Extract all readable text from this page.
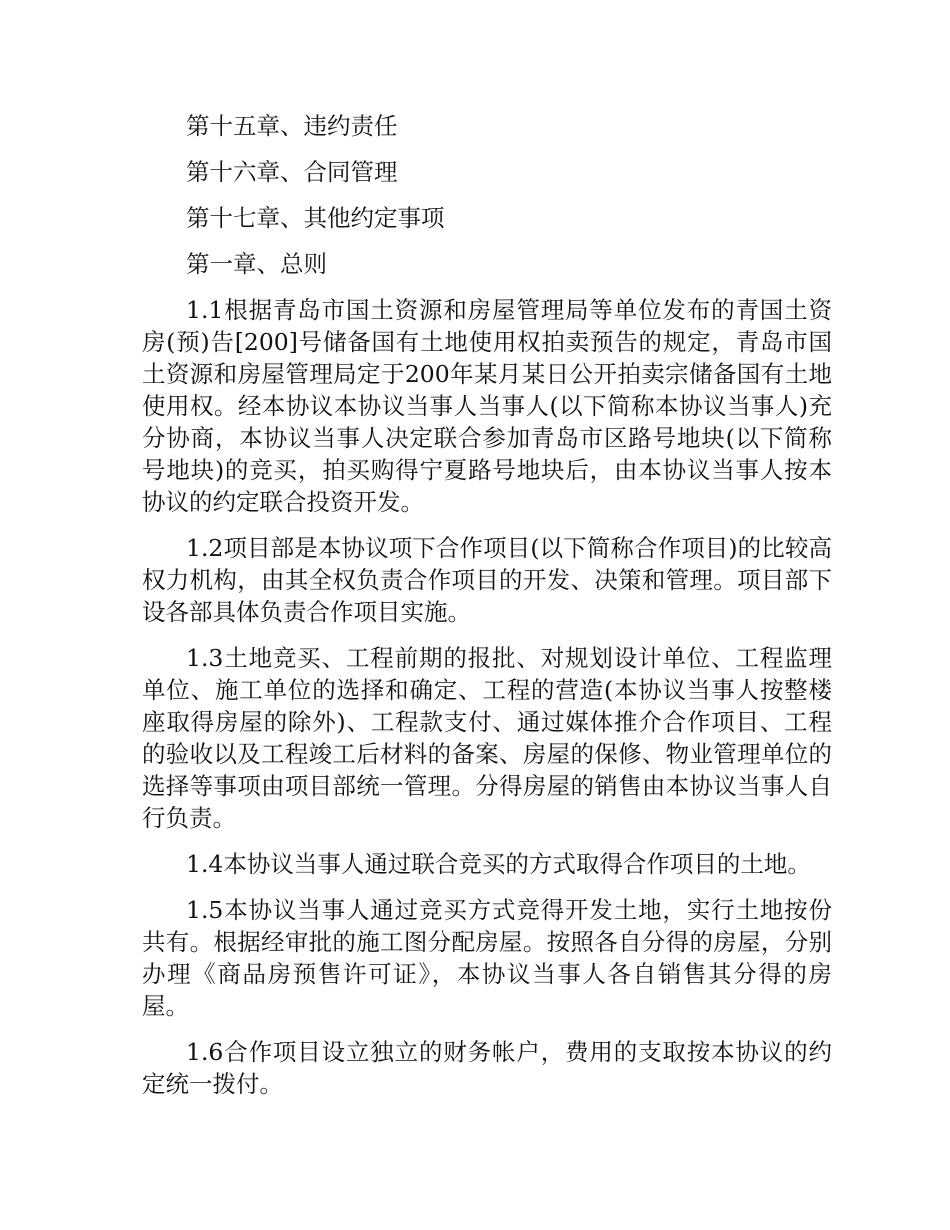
第十五章、违约责任

第十六章、合同管理

第十七章、其他约定事项

第一章、总则

1.1根据青岛市国土资源和房屋管理局等单位发布的青国土资房(预)告[200]号储备国有土地使用权拍卖预告的规定，青岛市国土资源和房屋管理局定于200年某月某日公开拍卖宗储备国有土地使用权。经本协议本协议当事人当事人(以下简称本协议当事人)充分协商，本协议当事人决定联合参加青岛市区路号地块(以下简称号地块)的竞买，拍买购得宁夏路号地块后，由本协议当事人按本协议的约定联合投资开发。

1.2项目部是本协议项下合作项目(以下简称合作项目)的比较高权力机构，由其全权负责合作项目的开发、决策和管理。项目部下设各部具体负责合作项目实施。

1.3土地竞买、工程前期的报批、对规划设计单位、工程监理单位、施工单位的选择和确定、工程的营造(本协议当事人按整楼座取得房屋的除外)、工程款支付、通过媒体推介合作项目、工程的验收以及工程竣工后材料的备案、房屋的保修、物业管理单位的选择等事项由项目部统一管理。分得房屋的销售由本协议当事人自行负责。

1.4本协议当事人通过联合竞买的方式取得合作项目的土地。

1.5本协议当事人通过竞买方式竞得开发土地，实行土地按份共有。根据经审批的施工图分配房屋。按照各自分得的房屋，分别办理《商品房预售许可证》，本协议当事人各自销售其分得的房屋。

1.6合作项目设立独立的财务帐户，费用的支取按本协议的约定统一拨付。
